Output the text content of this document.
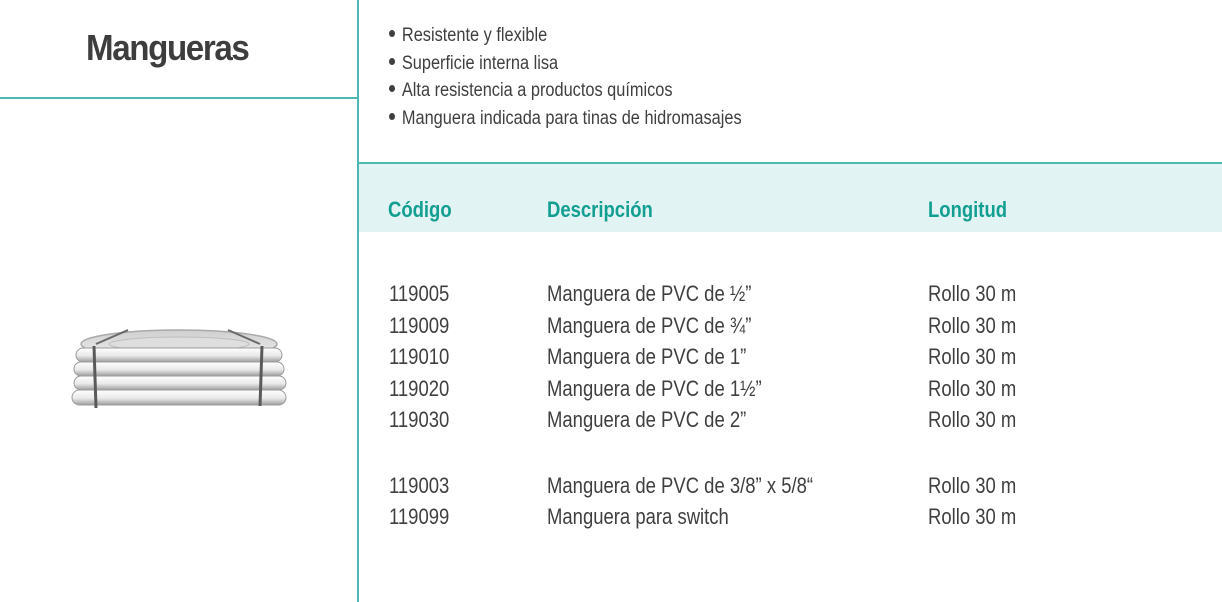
Mangueras	Resistente y flexible
Superficie interna lisa
Alta resistencia a productos químicos
Manguera indicada para tinas de hidromasajes
Código	Descripción	Longitud
119005	Manguera de PVC de ½”	Rollo 30 m
119009	Manguera de PVC de ¾”	Rollo 30 m
119010	Manguera de PVC de 1”	Rollo 30 m
119020	Manguera de PVC de 1½”	Rollo 30 m
119030	Manguera de PVC de 2”	Rollo 30 m
119003	Manguera de PVC de 3/8” x 5/8“	Rollo 30 m
119099	Manguera para switch	Rollo 30 m
